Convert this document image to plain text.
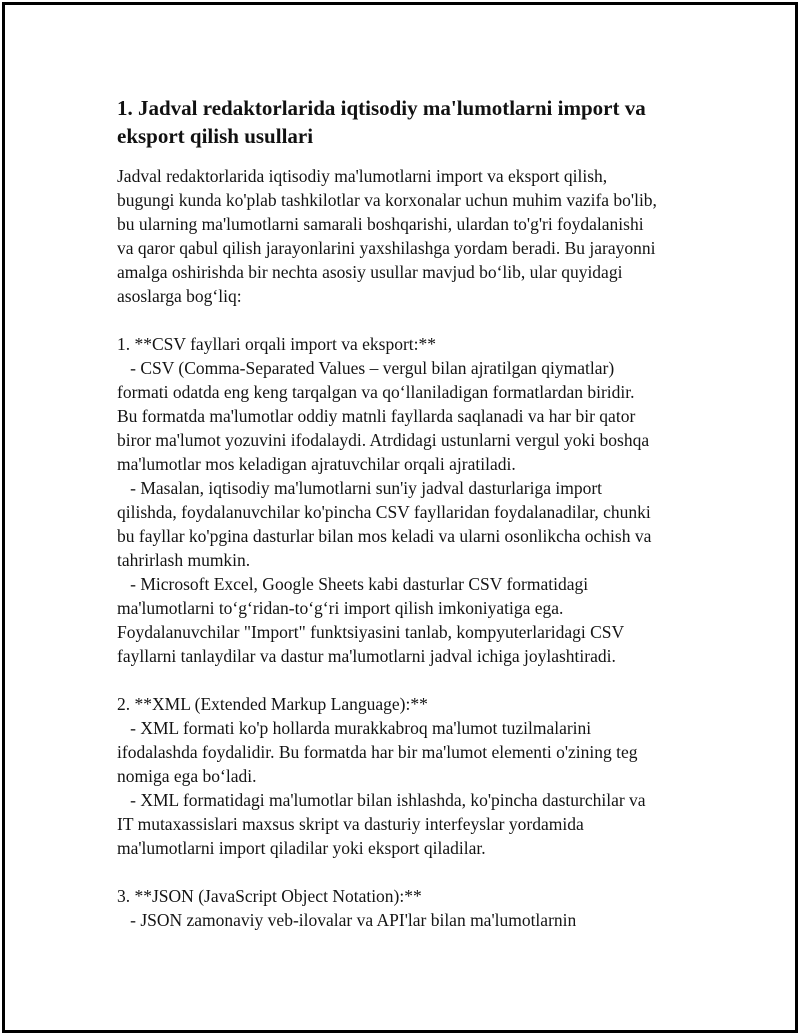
1. Jadval redaktorlarida iqtisodiy ma'lumotlarni import va eksport qilish usullari
Jadval redaktorlarida iqtisodiy ma'lumotlarni import va eksport qilish,
bugungi kunda ko'plab tashkilotlar va korxonalar uchun muhim vazifa bo'lib,
bu ularning ma'lumotlarni samarali boshqarishi, ulardan to'g'ri foydalanishi
va qaror qabul qilish jarayonlarini yaxshilashga yordam beradi. Bu jarayonni
amalga oshirishda bir nechta asosiy usullar mavjud bo‘lib, ular quyidagi
asoslarga bog‘liq:

1. **CSV fayllari orqali import va eksport:**
- CSV (Comma-Separated Values – vergul bilan ajratilgan qiymatlar)
formati odatda eng keng tarqalgan va qo‘llaniladigan formatlardan biridir.
Bu formatda ma'lumotlar oddiy matnli fayllarda saqlanadi va har bir qator
biror ma'lumot yozuvini ifodalaydi. Atrdidagi ustunlarni vergul yoki boshqa
ma'lumotlar mos keladigan ajratuvchilar orqali ajratiladi.
- Masalan, iqtisodiy ma'lumotlarni sun'iy jadval dasturlariga import
qilishda, foydalanuvchilar ko'pincha CSV fayllaridan foydalanadilar, chunki
bu fayllar ko'pgina dasturlar bilan mos keladi va ularni osonlikcha ochish va
tahrirlash mumkin.
- Microsoft Excel, Google Sheets kabi dasturlar CSV formatidagi
ma'lumotlarni to‘g‘ridan-to‘g‘ri import qilish imkoniyatiga ega.
Foydalanuvchilar "Import" funktsiyasini tanlab, kompyuterlaridagi CSV
fayllarni tanlaydilar va dastur ma'lumotlarni jadval ichiga joylashtiradi.

2. **XML (Extended Markup Language):**
- XML formati ko'p hollarda murakkabroq ma'lumot tuzilmalarini
ifodalashda foydalidir. Bu formatda har bir ma'lumot elementi o'zining teg
nomiga ega bo‘ladi.
- XML formatidagi ma'lumotlar bilan ishlashda, ko'pincha dasturchilar va
IT mutaxassislari maxsus skript va dasturiy interfeyslar yordamida
ma'lumotlarni import qiladilar yoki eksport qiladilar.

3. **JSON (JavaScript Object Notation):**
- JSON zamonaviy veb-ilovalar va API'lar bilan ma'lumotlarnin
